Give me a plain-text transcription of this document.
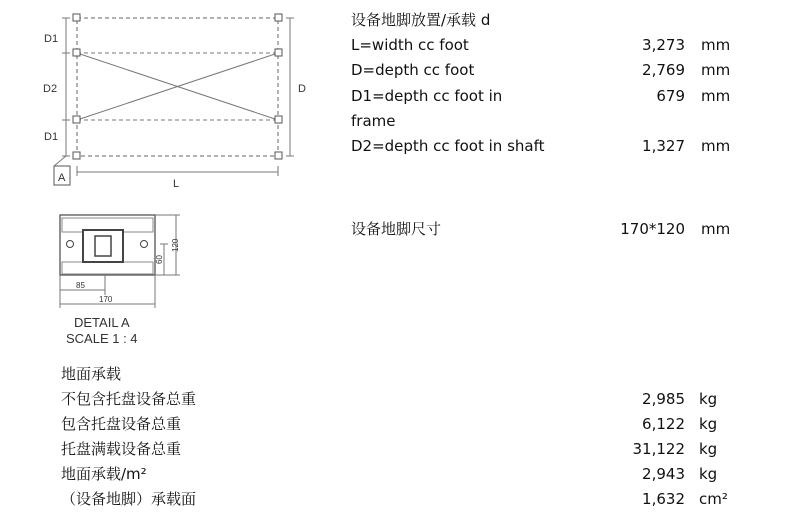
A
D1
D2
D1
D
L
120
60
85
170
DETAIL A
SCALE 1 : 4
设备地脚放置/承载 d
L=width cc foot	3,273 mm
D=depth cc foot	2,769 mm
D1=depth cc foot in	679 mm
frame
D2=depth cc foot in shaft	1,327 mm
设备地脚尺寸	170*120 mm
地面承载
不包含托盘设备总重	2,985 kg
包含托盘设备总重	6,122 kg
托盘满载设备总重	31,122 kg
地面承载/m²	2,943 kg
（设备地脚）承载面	1,632 cm²
